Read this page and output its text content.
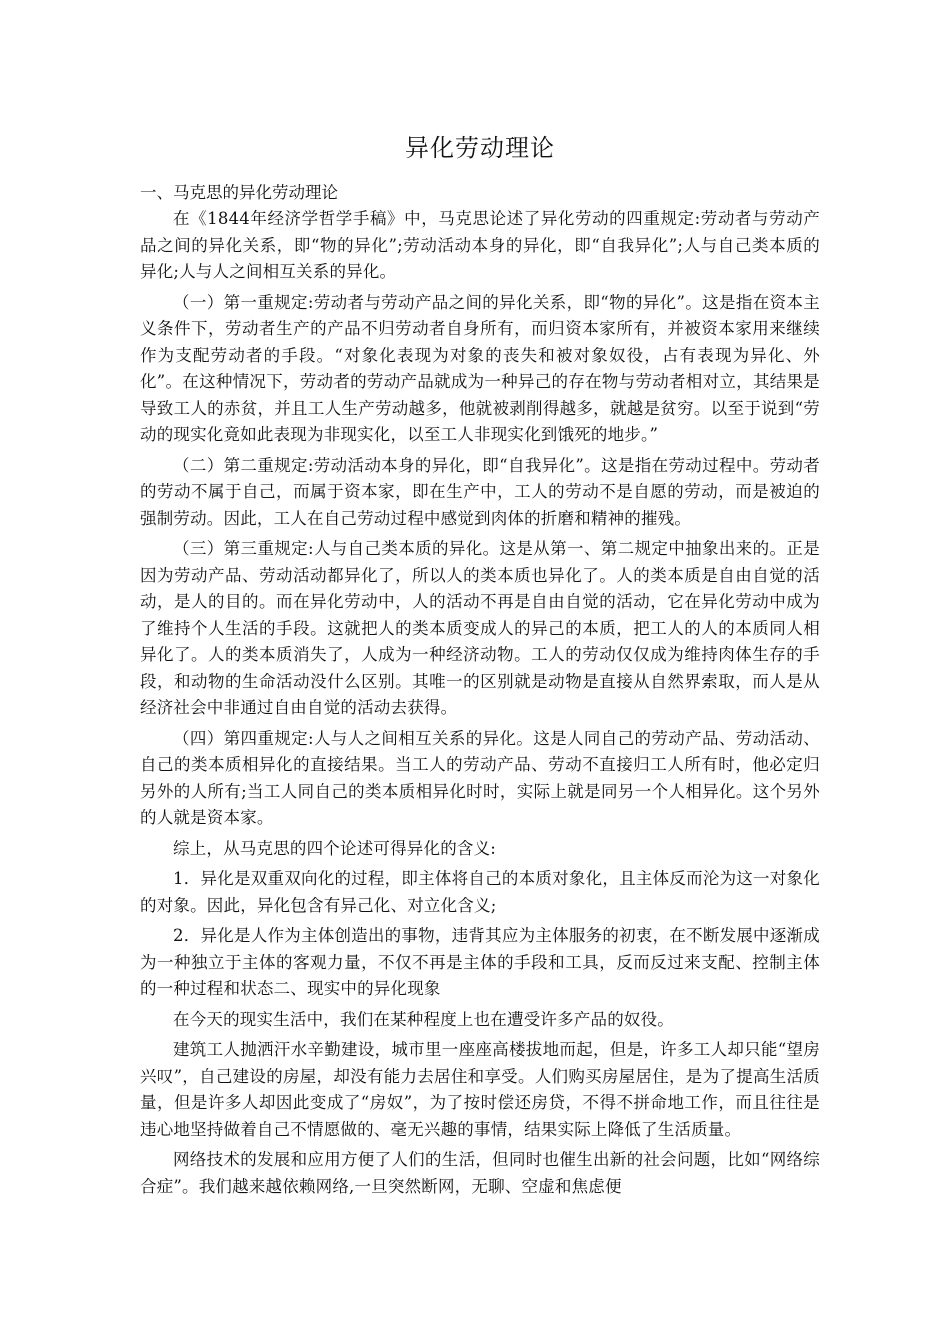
异化劳动理论

一、马克思的异化劳动理论

在《1844年经济学哲学手稿》中，马克思论述了异化劳动的四重规定:劳动者与劳动产品之间的异化关系，即“物的异化”;劳动活动本身的异化，即“自我异化”;人与自己类本质的异化;人与人之间相互关系的异化。

（一）第一重规定:劳动者与劳动产品之间的异化关系，即“物的异化”。这是指在资本主义条件下，劳动者生产的产品不归劳动者自身所有，而归资本家所有，并被资本家用来继续作为支配劳动者的手段。“对象化表现为对象的丧失和被对象奴役，占有表现为异化、外化”。在这种情况下，劳动者的劳动产品就成为一种异己的存在物与劳动者相对立，其结果是导致工人的赤贫，并且工人生产劳动越多，他就被剥削得越多，就越是贫穷。以至于说到“劳动的现实化竟如此表现为非现实化，以至工人非现实化到饿死的地步。”

（二）第二重规定:劳动活动本身的异化，即“自我异化”。这是指在劳动过程中。劳动者的劳动不属于自己，而属于资本家，即在生产中，工人的劳动不是自愿的劳动，而是被迫的强制劳动。因此，工人在自己劳动过程中感觉到肉体的折磨和精神的摧残。

（三）第三重规定:人与自己类本质的异化。这是从第一、第二规定中抽象出来的。正是因为劳动产品、劳动活动都异化了，所以人的类本质也异化了。人的类本质是自由自觉的活动，是人的目的。而在异化劳动中，人的活动不再是自由自觉的活动，它在异化劳动中成为了维持个人生活的手段。这就把人的类本质变成人的异己的本质，把工人的人的本质同人相异化了。人的类本质消失了，人成为一种经济动物。工人的劳动仅仅成为维持肉体生存的手段，和动物的生命活动没什么区别。其唯一的区别就是动物是直接从自然界索取，而人是从经济社会中非通过自由自觉的活动去获得。

（四）第四重规定:人与人之间相互关系的异化。这是人同自己的劳动产品、劳动活动、自己的类本质相异化的直接结果。当工人的劳动产品、劳动不直接归工人所有时，他必定归另外的人所有;当工人同自己的类本质相异化时时，实际上就是同另一个人相异化。这个另外的人就是资本家。

综上，从马克思的四个论述可得异化的含义:

1．异化是双重双向化的过程，即主体将自己的本质对象化，且主体反而沦为这一对象化的对象。因此，异化包含有异己化、对立化含义;

2．异化是人作为主体创造出的事物，违背其应为主体服务的初衷，在不断发展中逐渐成为一种独立于主体的客观力量，不仅不再是主体的手段和工具，反而反过来支配、控制主体的一种过程和状态二、现实中的异化现象

在今天的现实生活中，我们在某种程度上也在遭受许多产品的奴役。

建筑工人抛洒汗水辛勤建设，城市里一座座高楼拔地而起，但是，许多工人却只能“望房兴叹”，自己建设的房屋，却没有能力去居住和享受。人们购买房屋居住，是为了提高生活质量，但是许多人却因此变成了“房奴”，为了按时偿还房贷，不得不拼命地工作，而且往往是违心地坚持做着自己不情愿做的、毫无兴趣的事情，结果实际上降低了生活质量。

网络技术的发展和应用方便了人们的生活，但同时也催生出新的社会问题，比如“网络综合症”。我们越来越依赖网络,一旦突然断网，无聊、空虚和焦虑便
